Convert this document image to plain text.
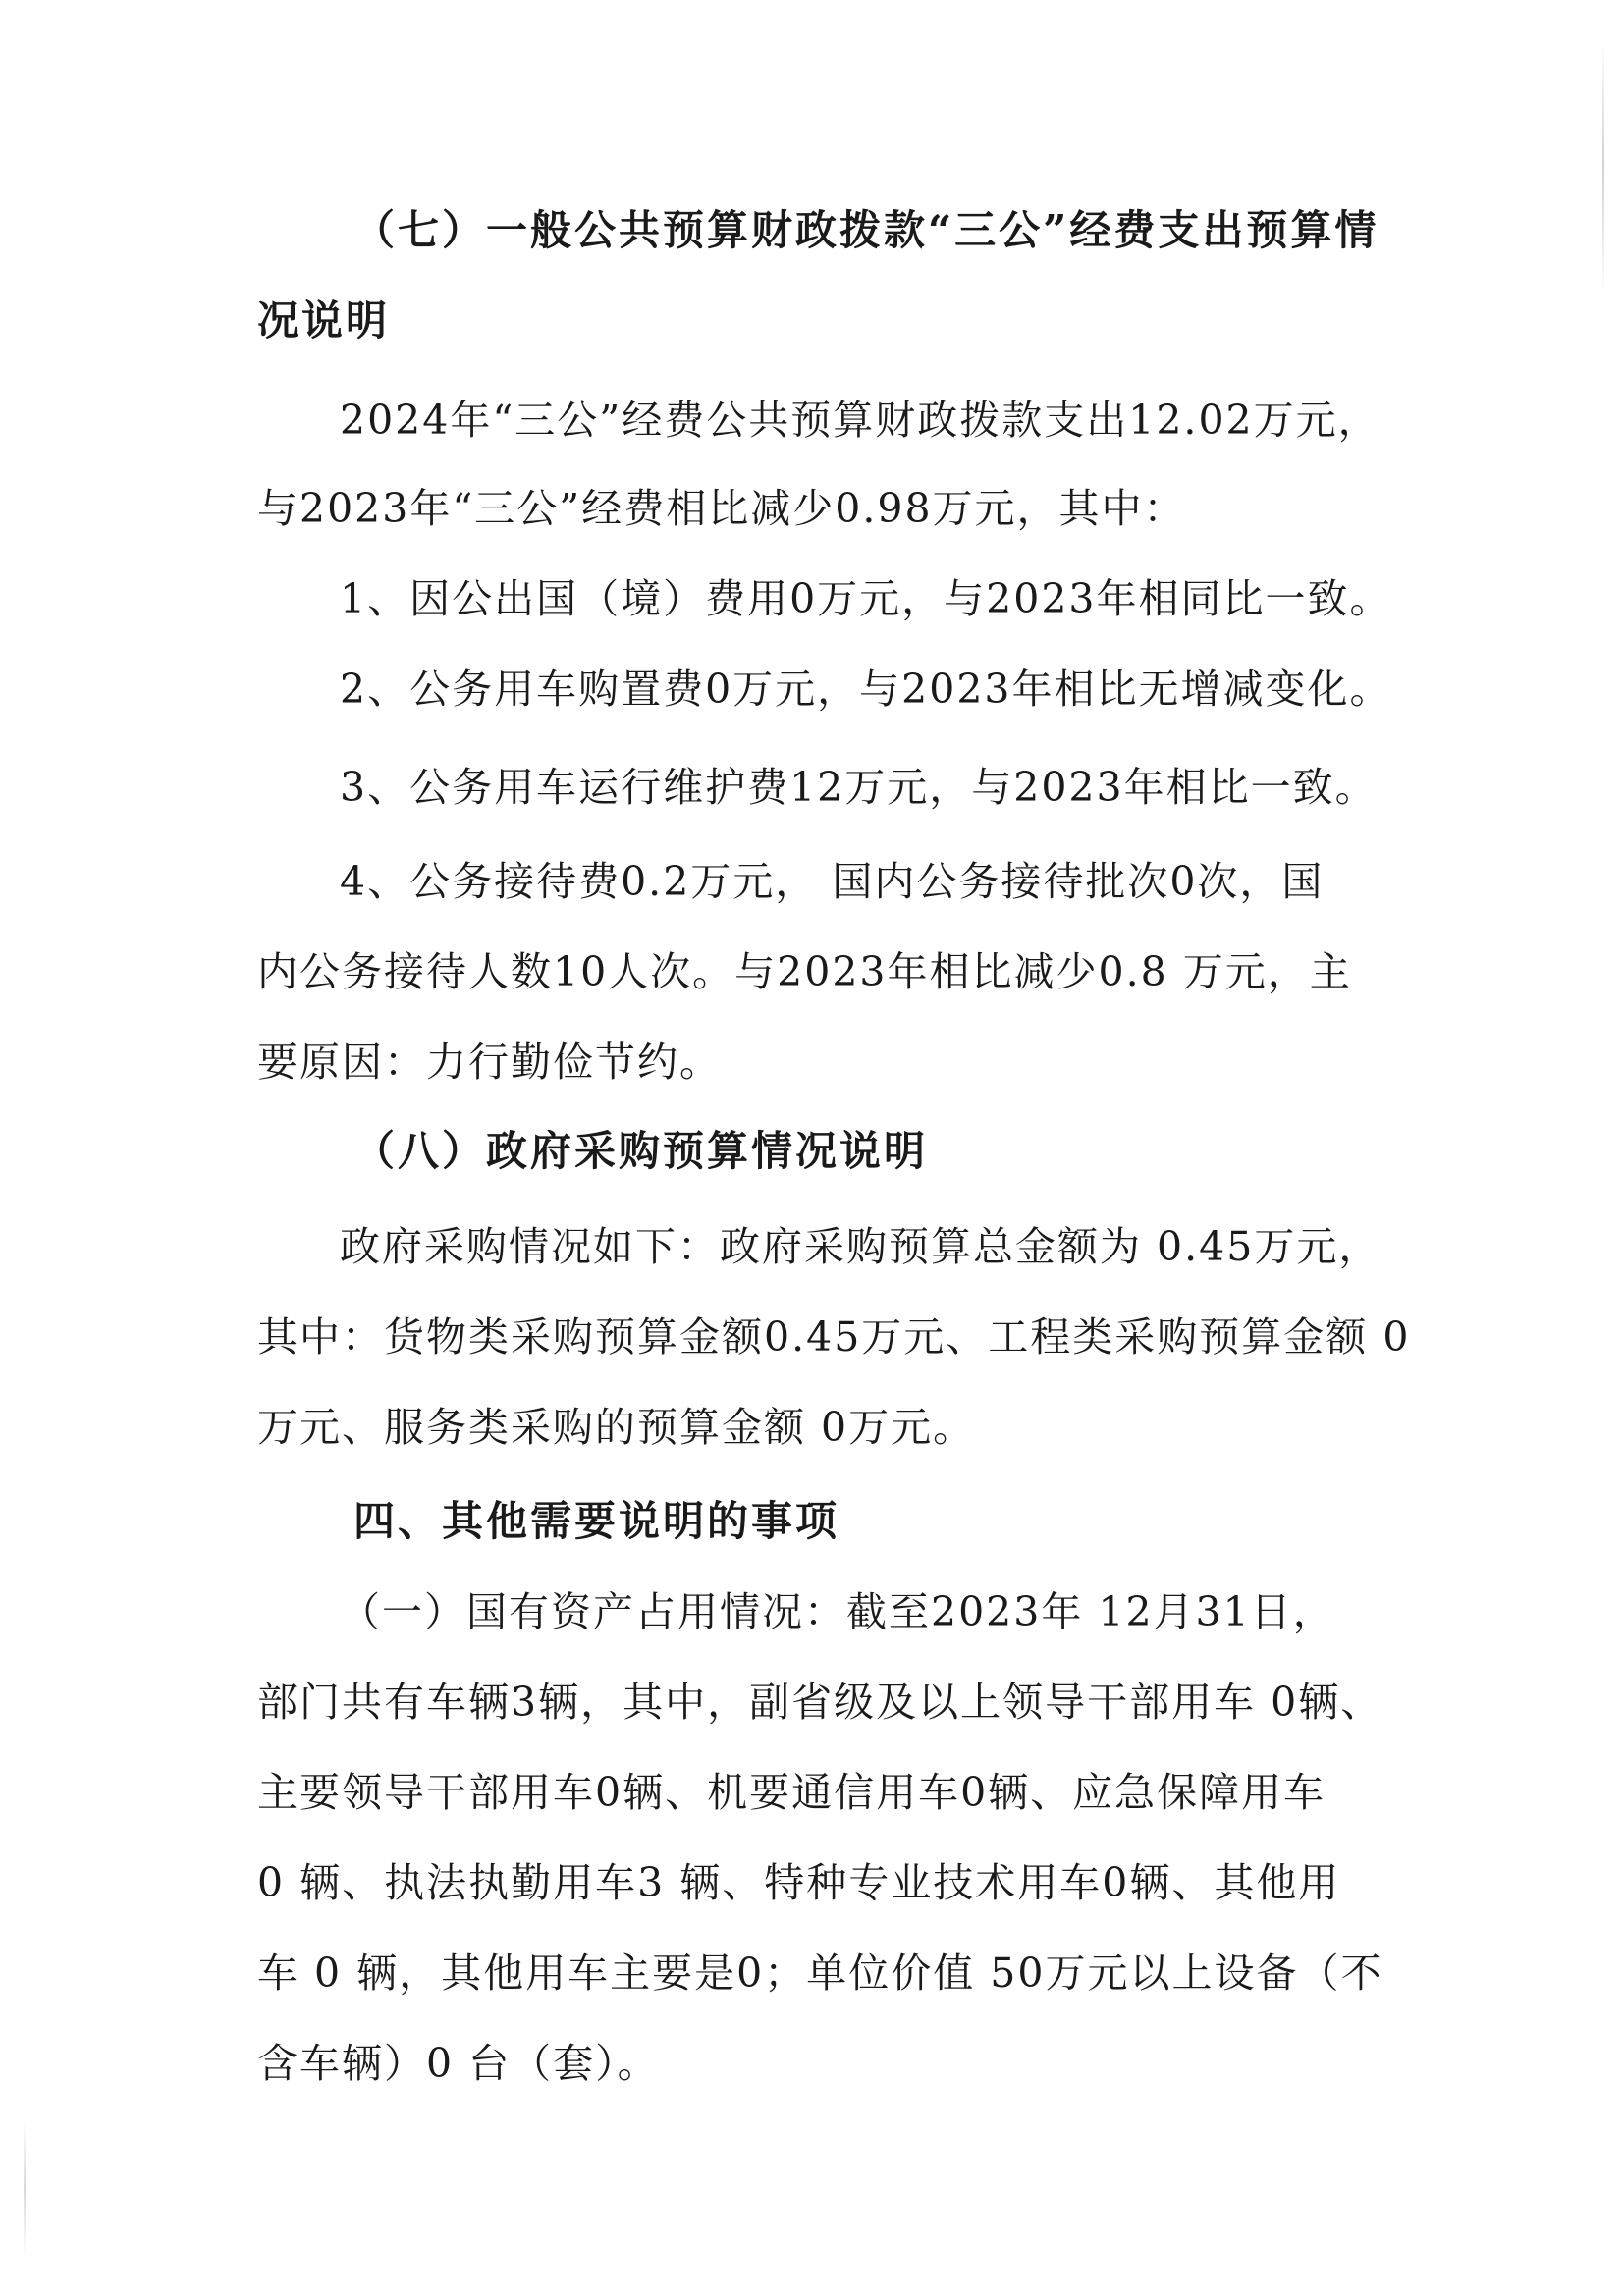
（七）一般公共预算财政拨款“三公”经费支出预算情
况说明
2024年“三公”经费公共预算财政拨款支出12.02万元，
与2023年“三公”经费相比减少0.98万元，其中：
1、因公出国（境）费用0万元，与2023年相同比一致。
2、公务用车购置费0万元，与2023年相比无增减变化。
3、公务用车运行维护费12万元，与2023年相比一致。
4、公务接待费0.2万元， 国内公务接待批次0次，国
内公务接待人数10人次。与2023年相比减少0.8 万元，主
要原因：力行勤俭节约。
（八）政府采购预算情况说明
政府采购情况如下：政府采购预算总金额为 0.45万元，
其中：货物类采购预算金额0.45万元、工程类采购预算金额 0
万元、服务类采购的预算金额 0万元。
四、其他需要说明的事项
（一）国有资产占用情况：截至2023年 12月31日，
部门共有车辆3辆，其中，副省级及以上领导干部用车 0辆、
主要领导干部用车0辆、机要通信用车0辆、应急保障用车
0 辆、执法执勤用车3 辆、特种专业技术用车0辆、其他用
车 0 辆，其他用车主要是0；单位价值 50万元以上设备（不
含车辆）0 台（套）。
